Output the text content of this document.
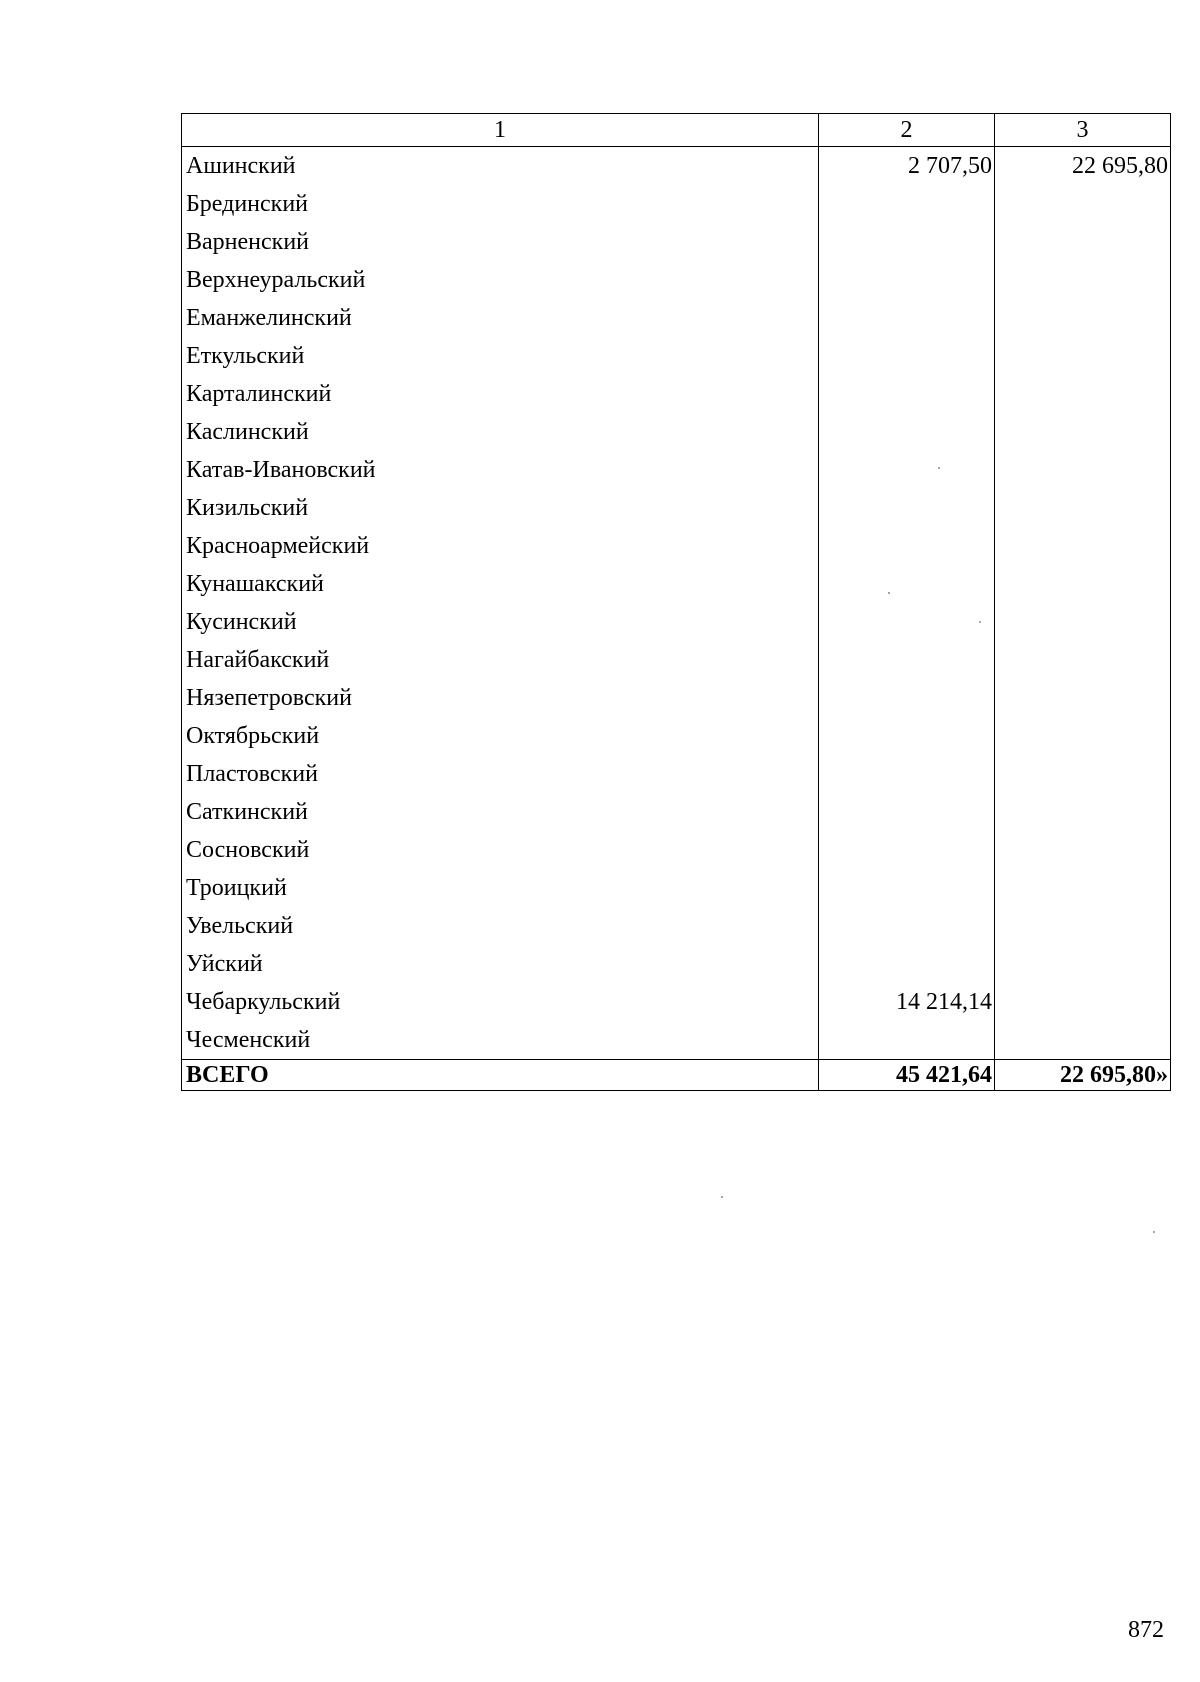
1	2	3
Ашинский	2 707,50	22 695,80
Брединский		
Варненский		
Верхнеуральский		
Еманжелинский		
Еткульский		
Карталинский		
Каслинский		
Катав-Ивановский		
Кизильский		
Красноармейский		
Кунашакский		
Кусинский		
Нагайбакский		
Нязепетровский		
Октябрьский		
Пластовский		
Саткинский		
Сосновский		
Троицкий		
Увельский		
Уйский		
Чебаркульский	14 214,14	
Чесменский		
ВСЕГО	45 421,64	22 695,80»
872
